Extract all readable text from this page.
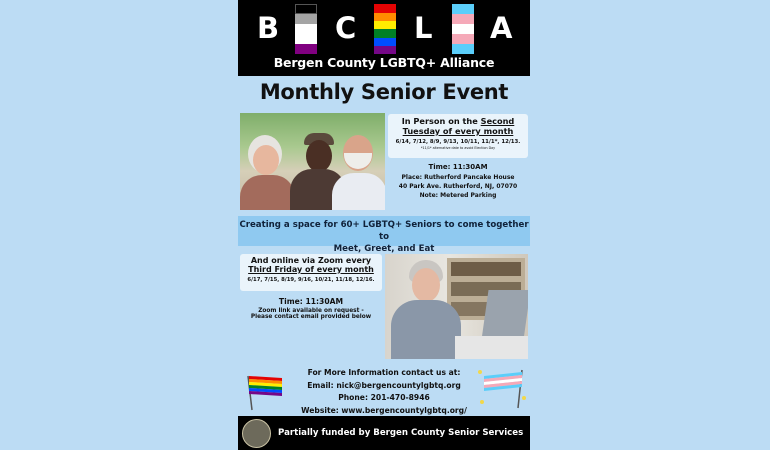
B C L A
Bergen County LGBTQ+ Alliance
Monthly Senior Event
In Person on the Second
Tuesday of every month
6/14, 7/12, 8/9, 9/13, 10/11, 11/1*, 12/13.
*11/1* alternative date to avoid Election Day
Time: 11:30AM
Place: Rutherford Pancake House
40 Park Ave. Rutherford, NJ, 07070
Note: Metered Parking
Creating a space for 60+ LGBTQ+ Seniors to come together to
Meet, Greet, and Eat
And online via Zoom every
Third Friday of every month
6/17, 7/15, 8/19, 9/16, 10/21, 11/18, 12/16.
Time: 11:30AM
Zoom link available on request -
Please contact email provided below
For More Information contact us at:
Email: nick@bergencountylgbtq.org
Phone: 201-470-8946
Website: www.bergencountylgbtq.org/
Partially funded by Bergen County Senior Services
